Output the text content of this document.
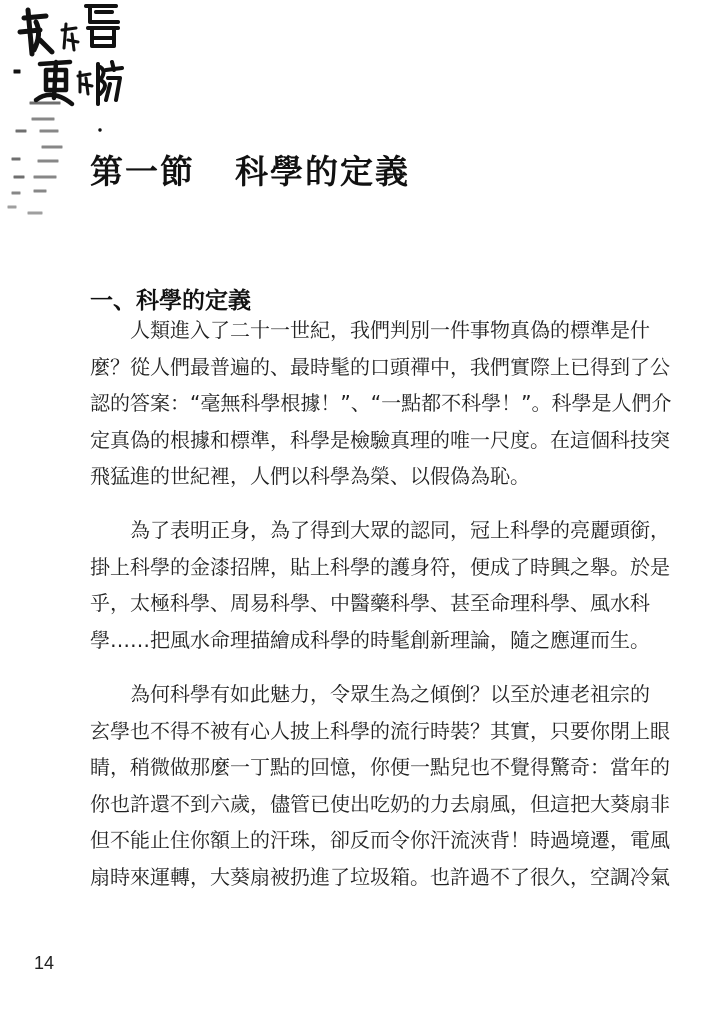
第一節 科學的定義
一、科學的定義
人類進入了二十一世紀，我們判別一件事物真偽的標準是什
麼？從人們最普遍的、最時髦的口頭禪中，我們實際上已得到了公
認的答案：“毫無科學根據！”、“一點都不科學！”。科學是人們介
定真偽的根據和標準，科學是檢驗真理的唯一尺度。在這個科技突
飛猛進的世紀裡，人們以科學為榮、以假偽為恥。
為了表明正身，為了得到大眾的認同，冠上科學的亮麗頭銜，
掛上科學的金漆招牌，貼上科學的護身符，便成了時興之舉。於是
乎，太極科學、周易科學、中醫藥科學、甚至命理科學、風水科
學……把風水命理描繪成科學的時髦創新理論，隨之應運而生。
為何科學有如此魅力，令眾生為之傾倒？以至於連老祖宗的
玄學也不得不被有心人披上科學的流行時裝？其實，只要你閉上眼
睛，稍微做那麼一丁點的回憶，你便一點兒也不覺得驚奇：當年的
你也許還不到六歲，儘管已使出吃奶的力去扇風，但這把大葵扇非
但不能止住你額上的汗珠，卻反而令你汗流浹背！時過境遷，電風
扇時來運轉，大葵扇被扔進了垃圾箱。也許過不了很久，空調冷氣
14
